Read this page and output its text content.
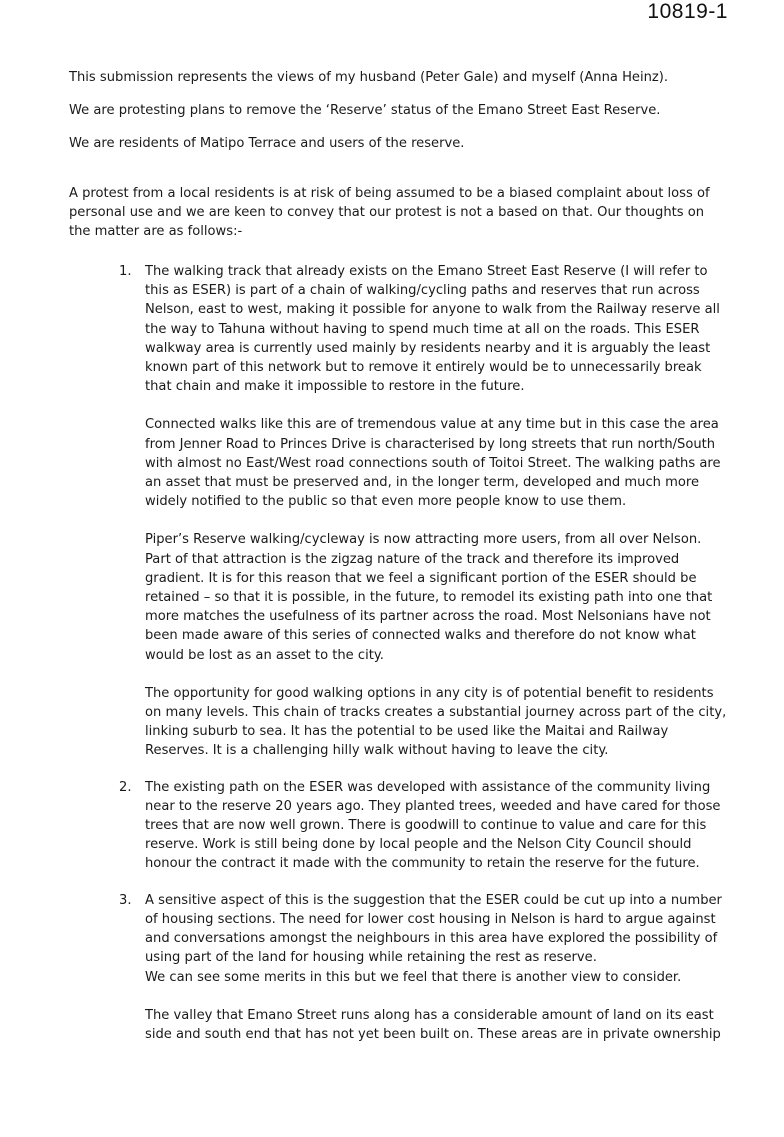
10819-1

This submission represents the views of my husband (Peter Gale) and myself (Anna Heinz).

We are protesting plans to remove the ‘Reserve’ status of the Emano Street East Reserve.

We are residents of Matipo Terrace and users of the reserve.

A protest from a local residents is at risk of being assumed to be a biased complaint about loss of personal use and we are keen to convey that our protest is not a based on that. Our thoughts on the matter are as follows:-

1. The walking track that already exists on the Emano Street East Reserve (I will refer to this as ESER) is part of a chain of walking/cycling paths and reserves that run across Nelson, east to west, making it possible for anyone to walk from the Railway reserve all the way to Tahuna without having to spend much time at all on the roads. This ESER walkway area is currently used mainly by residents nearby and it is arguably the least known part of this network but to remove it entirely would be to unnecessarily break that chain and make it impossible to restore in the future.

Connected walks like this are of tremendous value at any time but in this case the area from Jenner Road to Princes Drive is characterised by long streets that run north/South with almost no East/West road connections south of Toitoi Street. The walking paths are an asset that must be preserved and, in the longer term, developed and much more widely notified to the public so that even more people know to use them.

Piper’s Reserve walking/cycleway is now attracting more users, from all over Nelson. Part of that attraction is the zigzag nature of the track and therefore its improved gradient. It is for this reason that we feel a significant portion of the ESER should be retained – so that it is possible, in the future, to remodel its existing path into one that more matches the usefulness of its partner across the road. Most Nelsonians have not been made aware of this series of connected walks and therefore do not know what would be lost as an asset to the city.

The opportunity for good walking options in any city is of potential benefit to residents on many levels. This chain of tracks creates a substantial journey across part of the city, linking suburb to sea. It has the potential to be used like the Maitai and Railway Reserves. It is a challenging hilly walk without having to leave the city.

2. The existing path on the ESER was developed with assistance of the community living near to the reserve 20 years ago. They planted trees, weeded and have cared for those trees that are now well grown. There is goodwill to continue to value and care for this reserve. Work is still being done by local people and the Nelson City Council should honour the contract it made with the community to retain the reserve for the future.

3. A sensitive aspect of this is the suggestion that the ESER could be cut up into a number of housing sections. The need for lower cost housing in Nelson is hard to argue against and conversations amongst the neighbours in this area have explored the possibility of using part of the land for housing while retaining the rest as reserve.

We can see some merits in this but we feel that there is another view to consider.

The valley that Emano Street runs along has a considerable amount of land on its east side and south end that has not yet been built on. These areas are in private ownership
